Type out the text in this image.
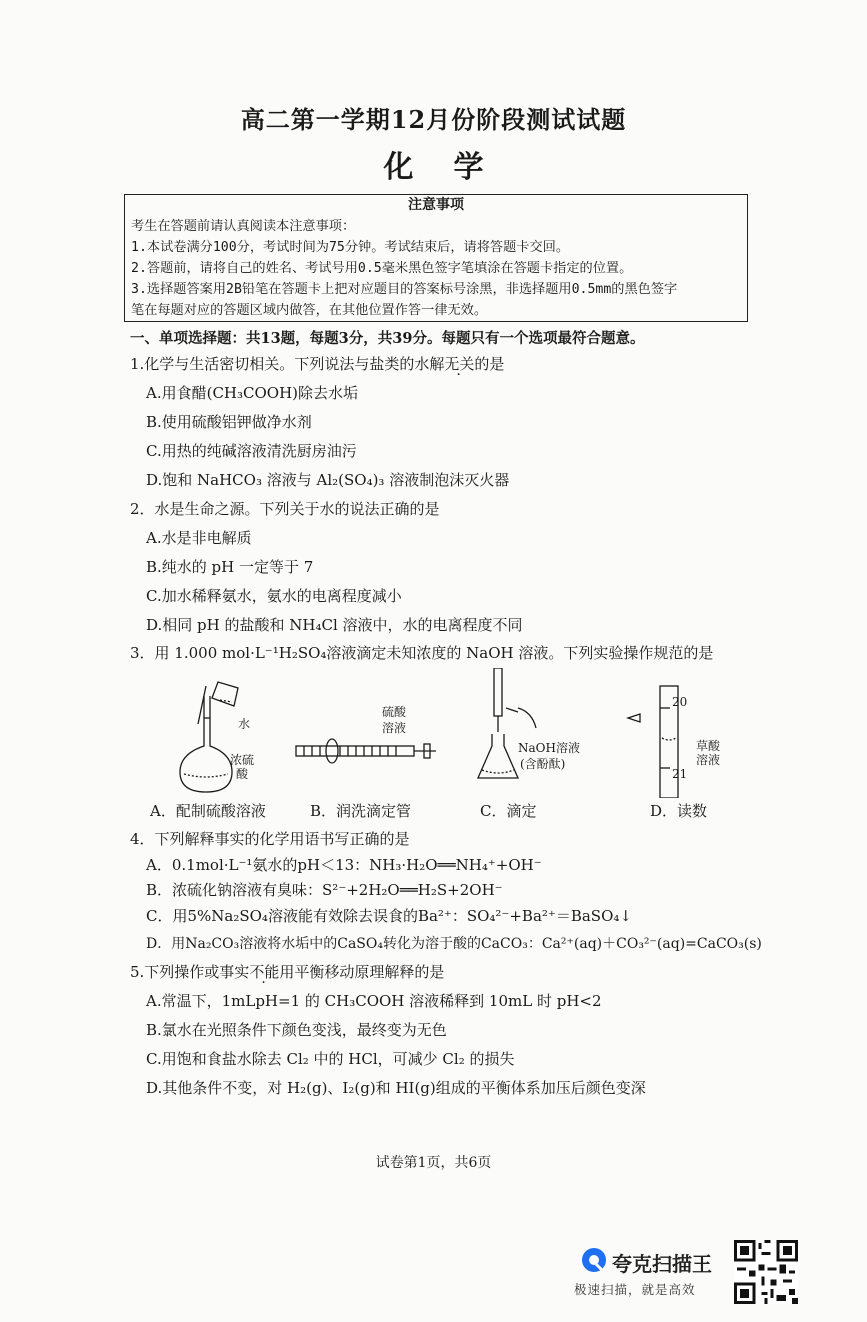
高二第一学期12月份阶段测试试题
化学
注意事项
考生在答题前请认真阅读本注意事项：
1.本试卷满分100分，考试时间为75分钟。考试结束后，请将答题卡交回。
2.答题前，请将自己的姓名、考试号用0.5毫米黑色签字笔填涂在答题卡指定的位置。
3.选择题答案用2B铅笔在答题卡上把对应题目的答案标号涂黑，非选择题用0.5mm的黑色签字
笔在每题对应的答题区域内做答，在其他位置作答一律无效。
一、单项选择题：共13题，每题3分，共39分。每题只有一个选项最符合题意。
1.化学与生活密切相关。下列说法与盐类的水解无关的是
A.用食醋(CH₃COOH)除去水垢
B.使用硫酸铝钾做净水剂
C.用热的纯碱溶液清洗厨房油污
D.饱和 NaHCO₃ 溶液与 Al₂(SO₄)₃ 溶液制泡沫灭火器
2．水是生命之源。下列关于水的说法正确的是
A.水是非电解质
B.纯水的 pH 一定等于 7
C.加水稀释氨水，氨水的电离程度减小
D.相同 pH 的盐酸和 NH₄Cl 溶液中，水的电离程度不同
3．用 1.000 mol·L⁻¹H₂SO₄溶液滴定未知浓度的 NaOH 溶液。下列实验操作规范的是
水
浓硫
酸
硫酸
溶液
NaOH溶液
(含酚酞)
20
21
草酸
溶液
A．配制硫酸溶液	B．润洗滴定管	C．滴定	D．读数
4．下列解释事实的化学用语书写正确的是
A．0.1mol·L⁻¹氨水的pH＜13：NH₃·H₂O══NH₄⁺+OH⁻
B．浓硫化钠溶液有臭味：S²⁻+2H₂O══H₂S+2OH⁻
C．用5%Na₂SO₄溶液能有效除去误食的Ba²⁺：SO₄²⁻+Ba²⁺＝BaSO₄↓
D．用Na₂CO₃溶液将水垢中的CaSO₄转化为溶于酸的CaCO₃：Ca²⁺(aq)＋CO₃²⁻(aq)=CaCO₃(s)
5.下列操作或事实不能用平衡移动原理解释的是
A.常温下，1mLpH=1 的 CH₃COOH 溶液稀释到 10mL 时 pH<2
B.氯水在光照条件下颜色变浅，最终变为无色
C.用饱和食盐水除去 Cl₂ 中的 HCl，可减少 Cl₂ 的损失
D.其他条件不变，对 H₂(g)、I₂(g)和 HI(g)组成的平衡体系加压后颜色变深
试卷第1页，共6页
夸克扫描王
极速扫描，就是高效
